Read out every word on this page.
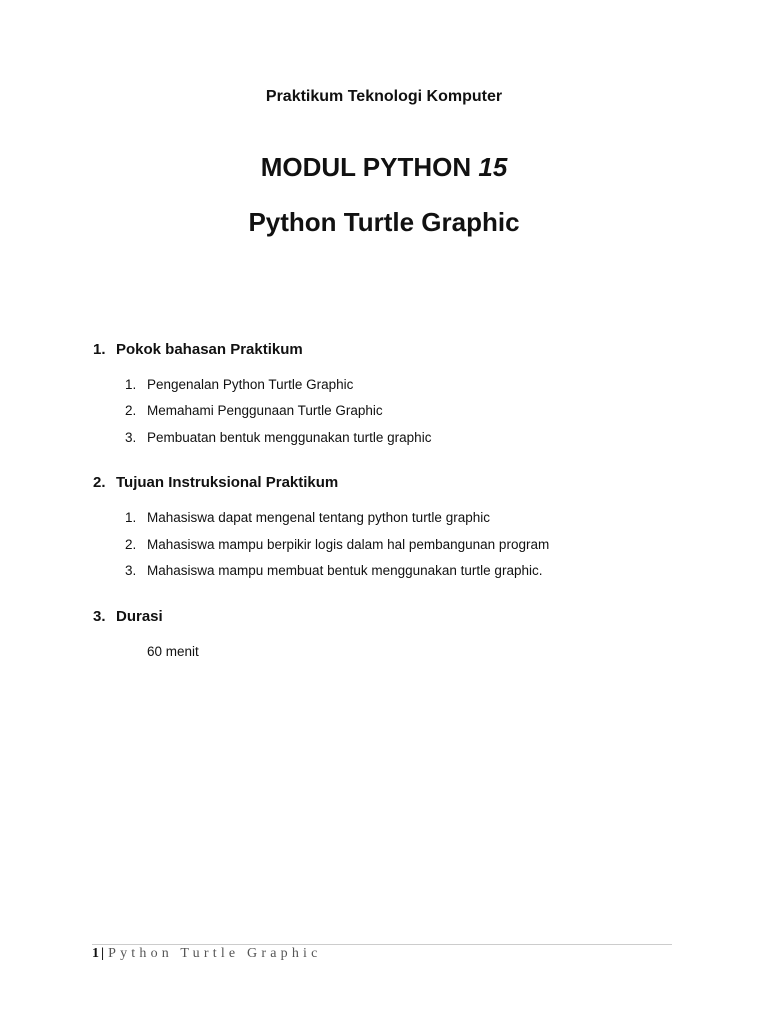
Praktikum Teknologi Komputer
MODUL PYTHON 15
Python Turtle Graphic
1. Pokok bahasan Praktikum
1. Pengenalan Python Turtle Graphic
2. Memahami Penggunaan Turtle Graphic
3. Pembuatan bentuk menggunakan turtle graphic
2. Tujuan Instruksional Praktikum
1. Mahasiswa dapat mengenal tentang python turtle graphic
2. Mahasiswa mampu berpikir logis dalam hal pembangunan program
3. Mahasiswa mampu membuat bentuk menggunakan turtle graphic.
3. Durasi
60 menit
1 | Python Turtle Graphic
